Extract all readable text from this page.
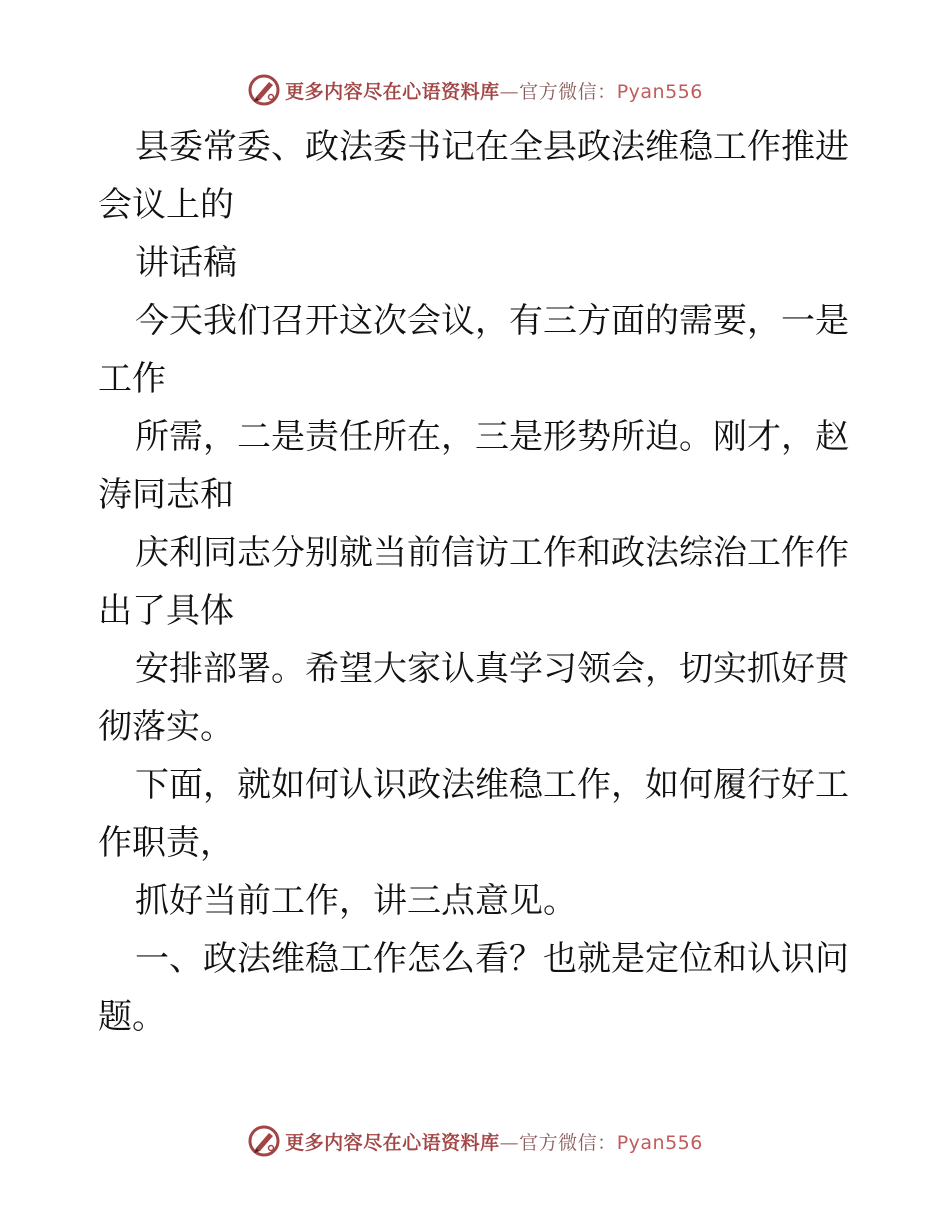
更多内容尽在心语资料库—官方微信：Pyan556
县委常委、政法委书记在全县政法维稳工作推进
会议上的
讲话稿
今天我们召开这次会议，有三方面的需要，一是
工作
所需，二是责任所在，三是形势所迫。刚才，赵
涛同志和
庆利同志分别就当前信访工作和政法综治工作作
出了具体
安排部署。希望大家认真学习领会，切实抓好贯
彻落实。
下面，就如何认识政法维稳工作，如何履行好工
作职责，
抓好当前工作，讲三点意见。
一、政法维稳工作怎么看？也就是定位和认识问
题。
更多内容尽在心语资料库—官方微信：Pyan556
